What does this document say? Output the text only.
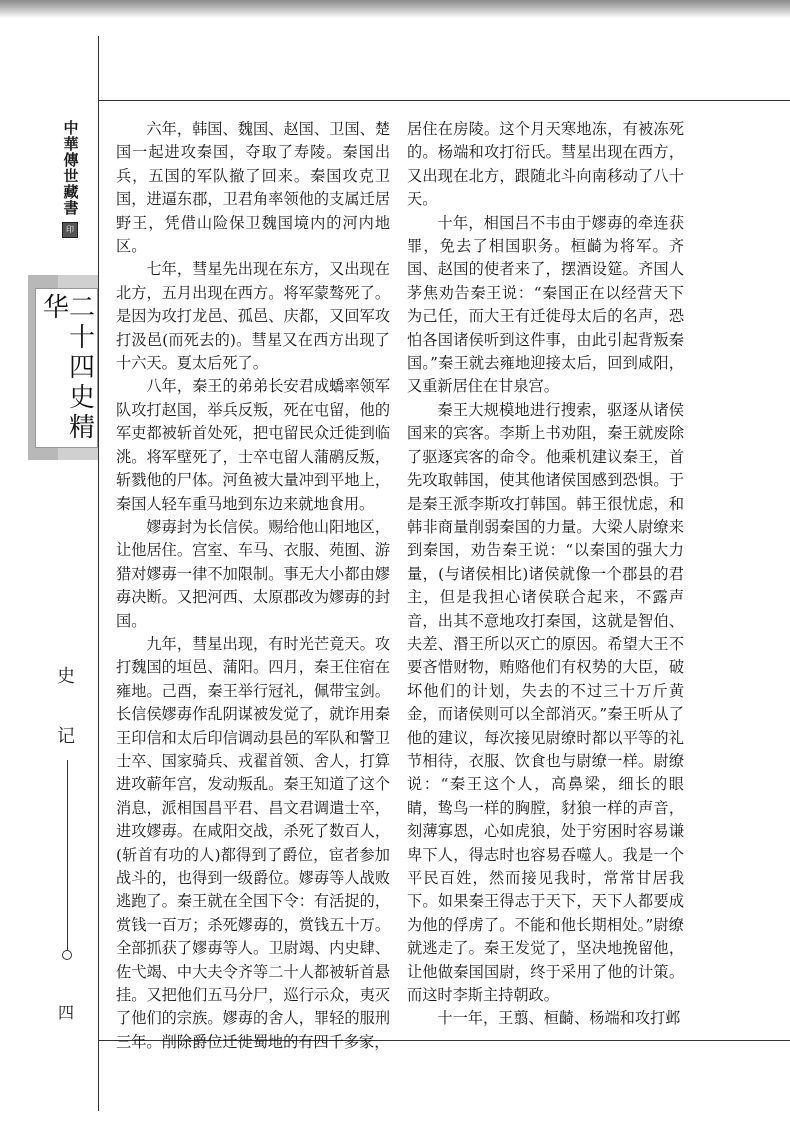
中華傳世藏書
印
二十四史精华
史
记
四

六年，韩国、魏国、赵国、卫国、楚国一起进攻秦国，夺取了寿陵。秦国出兵，五国的军队撤了回来。秦国攻克卫国，进逼东郡，卫君角率领他的支属迁居野王，凭借山险保卫魏国境内的河内地区。

七年，彗星先出现在东方，又出现在北方，五月出现在西方。将军蒙骜死了。是因为攻打龙邑、孤邑、庆都，又回军攻打汲邑(而死去的)。彗星又在西方出现了十六天。夏太后死了。

八年，秦王的弟弟长安君成蟜率领军队攻打赵国，举兵反叛，死在屯留，他的军吏都被斩首处死，把屯留民众迁徙到临洮。将军壁死了，士卒屯留人蒲鹝反叛，斩戮他的尸体。河鱼被大量冲到平地上，秦国人轻车重马地到东边来就地食用。

嫪毐封为长信侯。赐给他山阳地区，让他居住。宫室、车马、衣服、苑囿、游猎对嫪毐一律不加限制。事无大小都由嫪毐决断。又把河西、太原郡改为嫪毐的封国。

九年，彗星出现，有时光芒竟天。攻打魏国的垣邑、蒲阳。四月，秦王住宿在雍地。己酉，秦王举行冠礼，佩带宝剑。长信侯嫪毐作乱阴谋被发觉了，就诈用秦王印信和太后印信调动县邑的军队和警卫士卒、国家骑兵、戎翟首领、舍人，打算进攻蕲年宫，发动叛乱。秦王知道了这个消息，派相国昌平君、昌文君调遣士卒，进攻嫪毐。在咸阳交战，杀死了数百人，(斩首有功的人)都得到了爵位，宦者参加战斗的，也得到一级爵位。嫪毐等人战败逃跑了。秦王就在全国下令：有活捉的，赏钱一百万；杀死嫪毐的，赏钱五十万。全部抓获了嫪毐等人。卫尉竭、内史肆、佐弋竭、中大夫令齐等二十人都被斩首悬挂。又把他们五马分尸，巡行示众，夷灭了他们的宗族。嫪毐的舍人，罪轻的服刑三年。削除爵位迁徙蜀地的有四千多家，

居住在房陵。这个月天寒地冻，有被冻死的。杨端和攻打衍氏。彗星出现在西方，又出现在北方，跟随北斗向南移动了八十天。

十年，相国吕不韦由于嫪毐的牵连获罪，免去了相国职务。桓齮为将军。齐国、赵国的使者来了，摆酒设筵。齐国人茅焦劝告秦王说：“秦国正在以经营天下为己任，而大王有迁徙母太后的名声，恐怕各国诸侯听到这件事，由此引起背叛秦国。”秦王就去雍地迎接太后，回到咸阳，又重新居住在甘泉宫。

秦王大规模地进行搜索，驱逐从诸侯国来的宾客。李斯上书劝阻，秦王就废除了驱逐宾客的命令。他乘机建议秦王，首先攻取韩国，使其他诸侯国感到恐惧。于是秦王派李斯攻打韩国。韩王很忧虑，和韩非商量削弱秦国的力量。大梁人尉缭来到秦国，劝告秦王说：“以秦国的强大力量，(与诸侯相比)诸侯就像一个郡县的君主，但是我担心诸侯联合起来，不露声音，出其不意地攻打秦国，这就是智伯、夫差、湣王所以灭亡的原因。希望大王不要吝惜财物，贿赂他们有权势的大臣，破坏他们的计划，失去的不过三十万斤黄金，而诸侯则可以全部消灭。”秦王听从了他的建议，每次接见尉缭时都以平等的礼节相待，衣服、饮食也与尉缭一样。尉缭说：“秦王这个人，高鼻梁，细长的眼睛，鸷鸟一样的胸膛，豺狼一样的声音，刻薄寡恩，心如虎狼，处于穷困时容易谦卑下人，得志时也容易吞噬人。我是一个平民百姓，然而接见我时，常常甘居我下。如果秦王得志于天下，天下人都要成为他的俘虏了。不能和他长期相处。”尉缭就逃走了。秦王发觉了，坚决地挽留他，让他做秦国国尉，终于采用了他的计策。而这时李斯主持朝政。

十一年，王翦、桓齮、杨端和攻打邺
